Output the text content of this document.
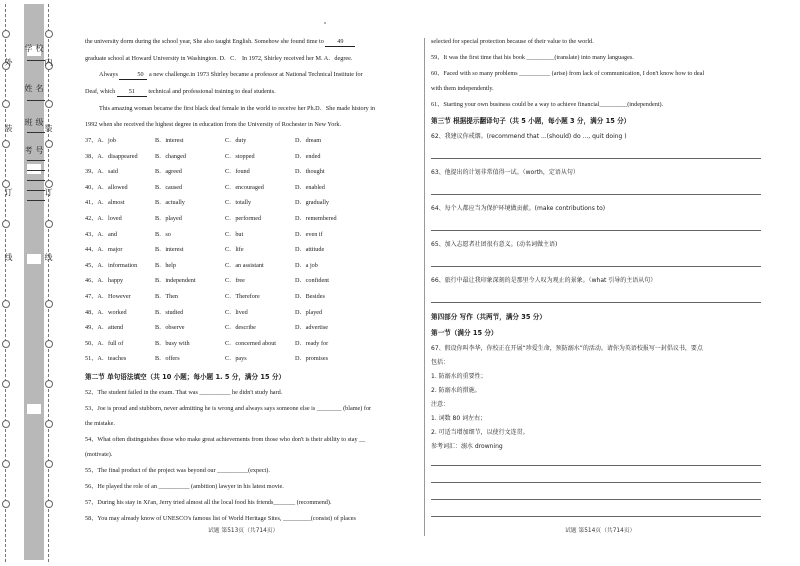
外
装
订
线
内
装
订
线
学 校
姓 名
班 级
考 号

the university dorm during the school year, She also taught English. Somehow she found time to 49

graduate school at Howard University in Washington. D．C． In 1972, Shirley received her M. A．degree.

Always	50 a new challenge.in 1973 Shirley became a professor at National Technical Institute for

Deaf, which 51 technical and professional training to deaf students.

This amazing woman became the first black deaf female in the world to receive her Ph.D．She made history in

1992 when she received the highest degree in education from the University of Rochester in New York.

37、A．job	B．interest	C．duty	D．dream
38、A．disappeared	B．changed	C．stopped	D．ended
39、A．said	B．agreed	C．found	D．thought
40、A．allowed	B．caused	C．encouraged	D．enabled
41、A．almost	B．actually	C．totally	D．gradually
42、A．loved	B．played	C．performed	D．remembered
43、A．and	B．so	C．but	D．even if
44、A．major	B．interest	C．life	D．attitude
45、A．information	B．help	C．an assistant	D．a job
46、A．happy	B．independent	C．free	D．confident
47、A．However	B．Then	C．Therefore	D．Besides
48、A．worked	B．studied	C．lived	D．played
49、A．attend	B．observe	C．describe	D．advertise
50、A．full of	B．busy with	C．concerned about	D．ready for
51、A．teaches	B．offers	C．pays	D．promises
第二节 单句语法填空（共 10 小题；每小题 1. 5 分，满分 15 分）

52、The student failed in the exam. That was __________ he didn't study hard.

53、Joe is proud and stubborn, never admitting he is wrong and always says someone else is ________ (blame) for

the mistake.

54、What often distinguishes those who make great achievements from those who don't is their ability to stay __

(motivate).

55、The final product of the project was beyond our __________(expect).

56、He played the role of an __________ (ambition) lawyer in his latest movie.

57、During his stay in Xi'an, Jerry tried almost all the local food his friends_______ (recommend).

58、You may already know of UNESCO's famous list of World Heritage Sites, _________(consist) of places

selected for special protection because of their value to the world.

59、It was the first time that his book _________(translate) into many languages.

60、Faced with so many problems __________ (arise) from lack of communication, I don't know how to deal

with them independently.

61、Starting your own business could be a way to achieve financial_________(independent).

第三节 根据提示翻译句子（共 5 小题，每小题 3 分，满分 15 分）

62、我建议你戒烟。(recommend that ...(should) do ..., quit doing )

63、他提出的计划非常值得一试。（worth，定语从句）

64、每个人都应当为保护环境做贡献。(make contributions to)

65、加入志愿者社团很有意义。(动名词做主语)

66、旅行中最让我印象深刻的是那里令人叹为观止的景象。（what 引导的主语从句）

第四部分 写作（共两节，满分 35 分）
第一节（满分 15 分）

67、假设你叫李华，你校正在开展“珍爱生命，预防溺水”的活动。请你为英语校报写一封倡议书，要点

包括：

1. 防溺水的重要性；

2. 防溺水的措施。

注意：

1. 词数 80 词左右；

2. 可适当增加细节，以使行文连贯。

参考词汇：溺水 drowning

试题 第513页（共714页）	试题 第514页（共714页）
